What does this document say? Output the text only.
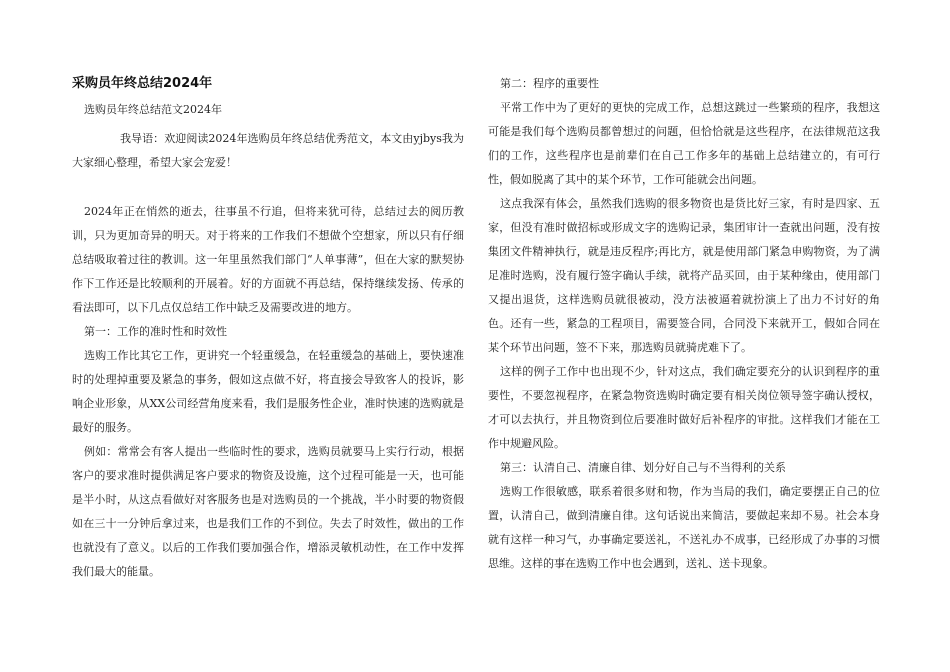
采购员年终总结2024年

选购员年终总结范文2024年

我导语：欢迎阅读2024年选购员年终总结优秀范文，本文由yjbys我为大家细心整理，希望大家会宠爱！

2024年正在悄然的逝去，往事虽不行追，但将来犹可待，总结过去的阅历教训，只为更加奇异的明天。对于将来的工作我们不想做个空想家，所以只有仔细总结吸取着过往的教训。这一年里虽然我们部门“人单事薄”，但在大家的默契协作下工作还是比较顺利的开展着。好的方面就不再总结，保持继续发扬、传承的看法即可，以下几点仅总结工作中缺乏及需要改进的地方。

第一：工作的准时性和时效性

选购工作比其它工作，更讲究一个轻重缓急，在轻重缓急的基础上，要快速准时的处理掉重要及紧急的事务，假如这点做不好，将直接会导致客人的投诉，影响企业形象，从XX公司经营角度来看，我们是服务性企业，准时快速的选购就是最好的服务。

例如：常常会有客人提出一些临时性的要求，选购员就要马上实行行动，根据客户的要求准时提供满足客户要求的物资及设施，这个过程可能是一天，也可能是半小时，从这点看做好对客服务也是对选购员的一个挑战，半小时要的物资假如在三十一分钟后拿过来，也是我们工作的不到位。失去了时效性，做出的工作也就没有了意义。以后的工作我们要加强合作，增添灵敏机动性，在工作中发挥我们最大的能量。

第二：程序的重要性

平常工作中为了更好的更快的完成工作，总想这跳过一些繁琐的程序，我想这可能是我们每个选购员都曾想过的问题，但恰恰就是这些程序，在法律规范这我们的工作，这些程序也是前辈们在自己工作多年的基础上总结建立的，有可行性，假如脱离了其中的某个环节，工作可能就会出问题。

这点我深有体会，虽然我们选购的很多物资也是货比好三家，有时是四家、五家，但没有准时做招标或形成文字的选购记录，集团审计一查就出问题，没有按集团文件精神执行，就是违反程序;再比方，就是使用部门紧急申购物资，为了满足准时选购，没有履行签字确认手续，就将产品买回，由于某种缘由，使用部门又提出退货，这样选购员就很被动，没方法被逼着就扮演上了出力不讨好的角色。还有一些，紧急的工程项目，需要签合同，合同没下来就开工，假如合同在某个环节出问题，签不下来，那选购员就骑虎难下了。

这样的例子工作中也出现不少，针对这点，我们确定要充分的认识到程序的重要性，不要忽视程序，在紧急物资选购时确定要有相关岗位领导签字确认授权，才可以去执行，并且物资到位后要准时做好后补程序的审批。这样我们才能在工作中规避风险。

第三：认清自己、清廉自律、划分好自己与不当得利的关系

选购工作很敏感，联系着很多财和物，作为当局的我们，确定要摆正自己的位置，认清自己，做到清廉自律。这句话说出来简洁，要做起来却不易。社会本身就有这样一种习气，办事确定要送礼，不送礼办不成事，已经形成了办事的习惯思维。这样的事在选购工作中也会遇到，送礼、送卡现象。
